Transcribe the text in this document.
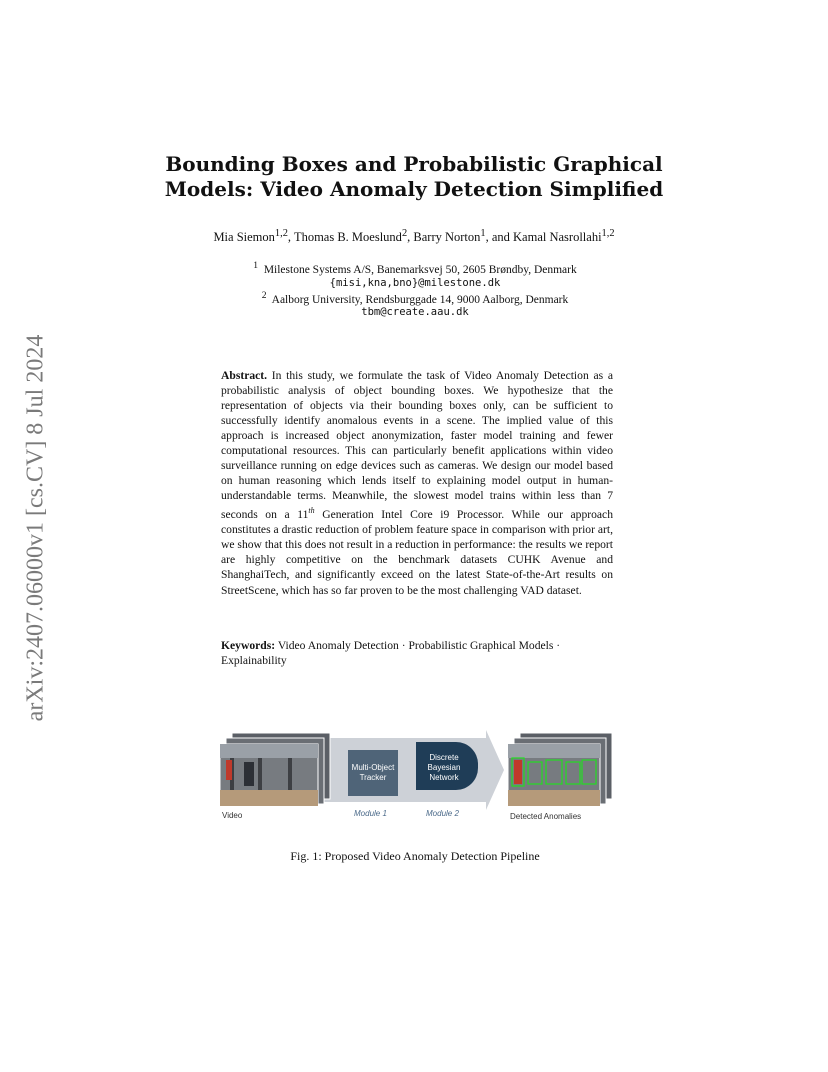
arXiv:2407.06000v1 [cs.CV] 8 Jul 2024
Bounding Boxes and Probabilistic Graphical
Models: Video Anomaly Detection Simplified
Mia Siemon$^{1,2}$, Thomas B. Moeslund$^2$, Barry Norton$^1$, and Kamal Nasrollahi$^{1,2}$
$^1$ Milestone Systems A/S, Banemarksvej 50, 2605 Brøndby, Denmark
{misi,kna,bno}@milestone.dk
$^2$ Aalborg University, Rendsburggade 14, 9000 Aalborg, Denmark
tbm@create.aau.dk
Abstract. In this study, we formulate the task of Video Anomaly Detection as a probabilistic analysis of object bounding boxes. We hypothesize that the representation of objects via their bounding boxes only, can be sufficient to successfully identify anomalous events in a scene. The implied value of this approach is increased object anonymization, faster model training and fewer computational resources. This can particularly benefit applications within video surveillance running on edge devices such as cameras. We design our model based on human reasoning which lends itself to explaining model output in human-understandable terms. Meanwhile, the slowest model trains within less than 7 seconds on a 11th Generation Intel Core i9 Processor. While our approach constitutes a drastic reduction of problem feature space in comparison with prior art, we show that this does not result in a reduction in performance: the results we report are highly competitive on the benchmark datasets CUHK Avenue and ShanghaiTech, and significantly exceed on the latest State-of-the-Art results on StreetScene, which has so far proven to be the most challenging VAD dataset.
Keywords: Video Anomaly Detection · Probabilistic Graphical Models · Explainability
Multi-Object
Tracker
Discrete
Bayesian
Network
Video	Module 1	Module 2	Detected Anomalies
Fig. 1: Proposed Video Anomaly Detection Pipeline
